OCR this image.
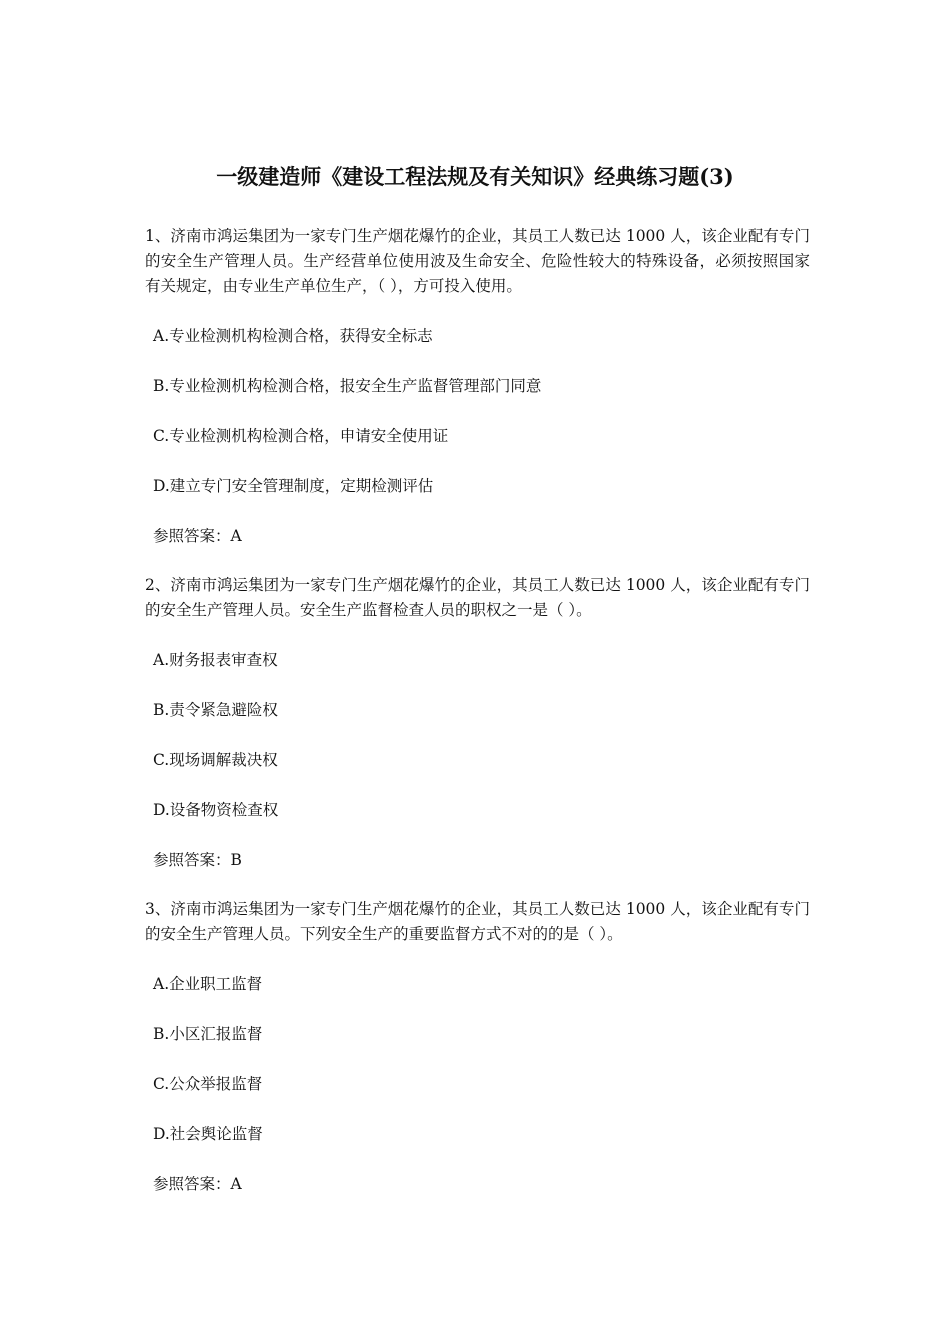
一级建造师《建设工程法规及有关知识》经典练习题(3)

1、济南市鸿运集团为一家专门生产烟花爆竹的企业，其员工人数已达 1000 人，该企业配有专门的安全生产管理人员。生产经营单位使用波及生命安全、危险性较大的特殊设备，必须按照国家有关规定，由专业生产单位生产，（ ），方可投入使用。

A.专业检测机构检测合格，获得安全标志

B.专业检测机构检测合格，报安全生产监督管理部门同意

C.专业检测机构检测合格，申请安全使用证

D.建立专门安全管理制度，定期检测评估

参照答案：A

2、济南市鸿运集团为一家专门生产烟花爆竹的企业，其员工人数已达 1000 人，该企业配有专门的安全生产管理人员。安全生产监督检查人员的职权之一是（ ）。

A.财务报表审查权

B.责令紧急避险权

C.现场调解裁决权

D.设备物资检查权

参照答案：B

3、济南市鸿运集团为一家专门生产烟花爆竹的企业，其员工人数已达 1000 人，该企业配有专门的安全生产管理人员。下列安全生产的重要监督方式不对的的是（ ）。

A.企业职工监督

B.小区汇报监督

C.公众举报监督

D.社会舆论监督

参照答案：A
